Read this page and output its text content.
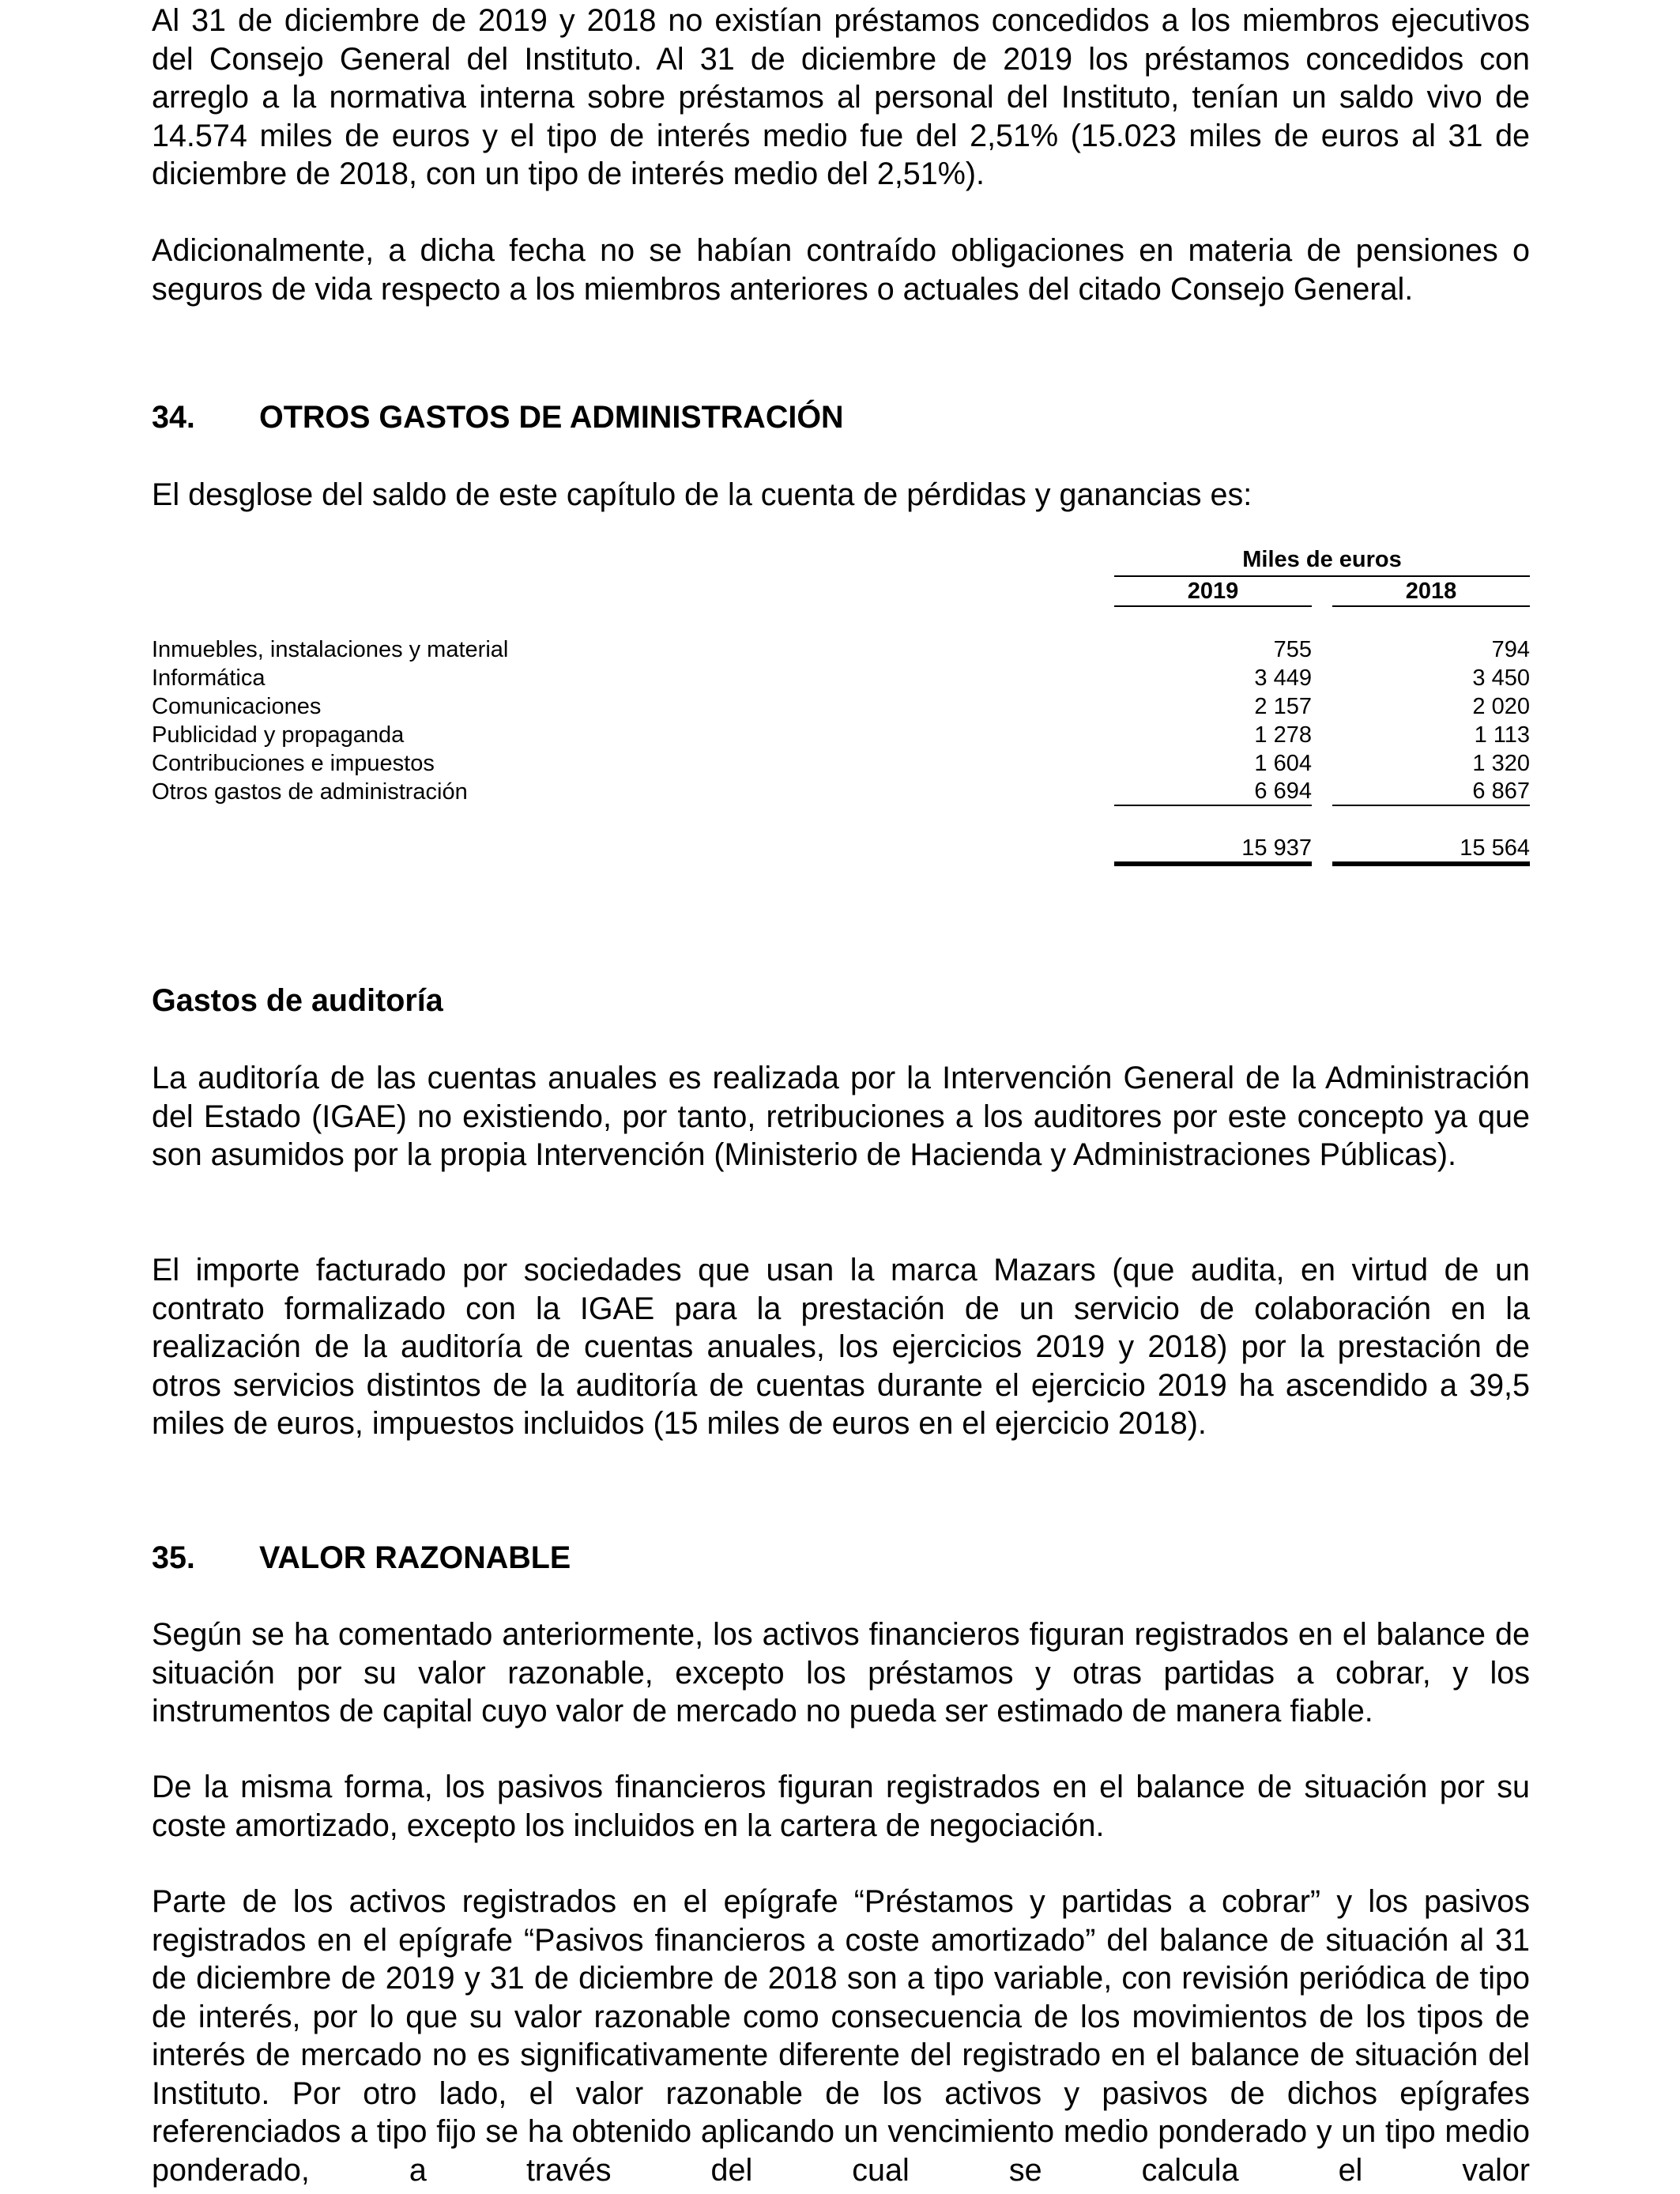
Al 31 de diciembre de 2019 y 2018 no existían préstamos concedidos a los miembros ejecutivos del Consejo General del Instituto. Al 31 de diciembre de 2019 los préstamos concedidos con arreglo a la normativa interna sobre préstamos al personal del Instituto, tenían un saldo vivo de 14.574 miles de euros y el tipo de interés medio fue del 2,51% (15.023 miles de euros al 31 de diciembre de 2018, con un tipo de interés medio del 2,51%).

Adicionalmente, a dicha fecha no se habían contraído obligaciones en materia de pensiones o seguros de vida respecto a los miembros anteriores o actuales del citado Consejo General.

34.	OTROS GASTOS DE ADMINISTRACIÓN

El desglose del saldo de este capítulo de la cuenta de pérdidas y ganancias es:

Miles de euros
2019	2018
Inmuebles, instalaciones y material	755	794
Informática	3 449	3 450
Comunicaciones	2 157	2 020
Publicidad y propaganda	1 278	1 113
Contribuciones e impuestos	1 604	1 320
Otros gastos de administración	6 694	6 867
15 937	15 564
Gastos de auditoría

La auditoría de las cuentas anuales es realizada por la Intervención General de la Administración del Estado (IGAE) no existiendo, por tanto, retribuciones a los auditores por este concepto ya que son asumidos por la propia Intervención (Ministerio de Hacienda y Administraciones Públicas).

El importe facturado por sociedades que usan la marca Mazars (que audita, en virtud de un contrato formalizado con la IGAE para la prestación de un servicio de colaboración en la realización de la auditoría de cuentas anuales, los ejercicios 2019 y 2018) por la prestación de otros servicios distintos de la auditoría de cuentas durante el ejercicio 2019 ha ascendido a 39,5 miles de euros, impuestos incluidos (15 miles de euros en el ejercicio 2018).

35.	VALOR RAZONABLE

Según se ha comentado anteriormente, los activos financieros figuran registrados en el balance de situación por su valor razonable, excepto los préstamos y otras partidas a cobrar, y los instrumentos de capital cuyo valor de mercado no pueda ser estimado de manera fiable.

De la misma forma, los pasivos financieros figuran registrados en el balance de situación por su coste amortizado, excepto los incluidos en la cartera de negociación.

Parte de los activos registrados en el epígrafe “Préstamos y partidas a cobrar” y los pasivos registrados en el epígrafe “Pasivos financieros a coste amortizado” del balance de situación al 31 de diciembre de 2019 y 31 de diciembre de 2018 son a tipo variable, con revisión periódica de tipo de interés, por lo que su valor razonable como consecuencia de los movimientos de los tipos de interés de mercado no es significativamente diferente del registrado en el balance de situación del Instituto. Por otro lado, el valor razonable de los activos y pasivos de dichos epígrafes referenciados a tipo fijo se ha obtenido aplicando un vencimiento medio ponderado y un tipo medio ponderado, a través del cual se calcula el valor
